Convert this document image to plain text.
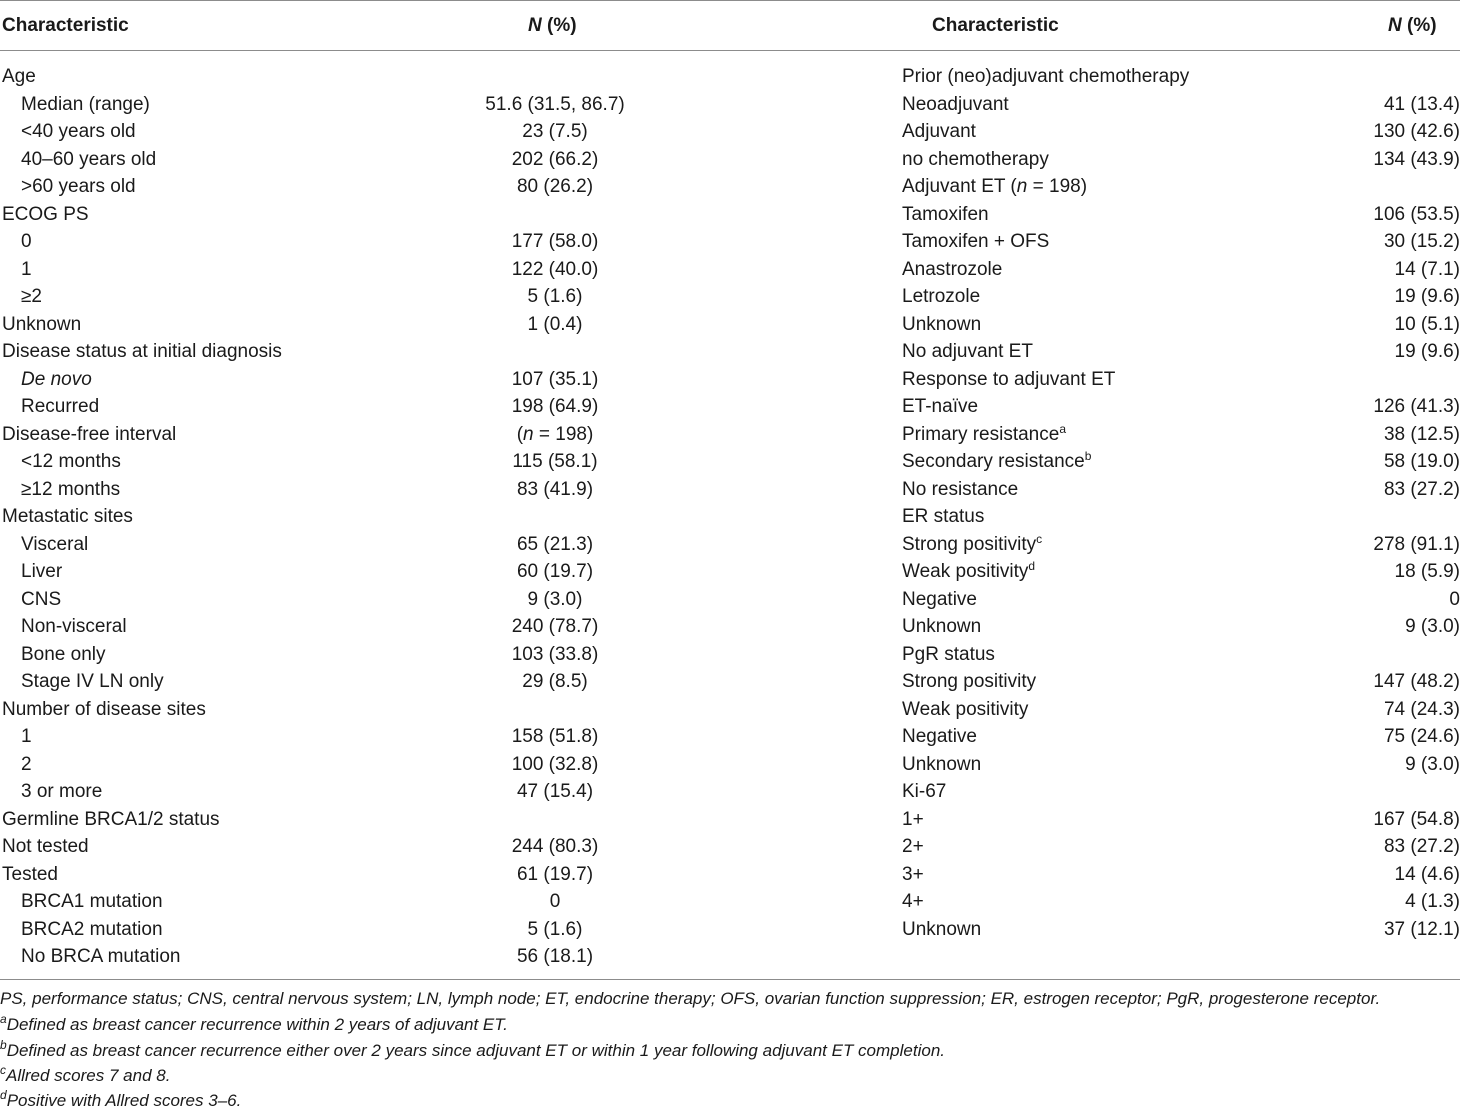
Characteristic	N (%)	Characteristic	N (%)
Age
Median (range)	51.6 (31.5, 86.7)
<40 years old	23 (7.5)
40–60 years old	202 (66.2)
>60 years old	80 (26.2)
ECOG PS
0	177 (58.0)
1	122 (40.0)
≥2	5 (1.6)
Unknown	1 (0.4)
Disease status at initial diagnosis
De novo	107 (35.1)
Recurred	198 (64.9)
Disease-free interval	(n = 198)
<12 months	115 (58.1)
≥12 months	83 (41.9)
Metastatic sites
Visceral	65 (21.3)
Liver	60 (19.7)
CNS	9 (3.0)
Non-visceral	240 (78.7)
Bone only	103 (33.8)
Stage IV LN only	29 (8.5)
Number of disease sites
1	158 (51.8)
2	100 (32.8)
3 or more	47 (15.4)
Germline BRCA1/2 status
Not tested	244 (80.3)
Tested	61 (19.7)
BRCA1 mutation	0
BRCA2 mutation	5 (1.6)
No BRCA mutation	56 (18.1)
Prior (neo)adjuvant chemotherapy
Neoadjuvant	41 (13.4)
Adjuvant	130 (42.6)
no chemotherapy	134 (43.9)
Adjuvant ET (n = 198)
Tamoxifen	106 (53.5)
Tamoxifen + OFS	30 (15.2)
Anastrozole	14 (7.1)
Letrozole	19 (9.6)
Unknown	10 (5.1)
No adjuvant ET	19 (9.6)
Response to adjuvant ET
ET-naïve	126 (41.3)
Primary resistance$^a$	38 (12.5)
Secondary resistance$^b$	58 (19.0)
No resistance	83 (27.2)
ER status
Strong positivity$^c$	278 (91.1)
Weak positivity$^d$	18 (5.9)
Negative	0
Unknown	9 (3.0)
PgR status
Strong positivity	147 (48.2)
Weak positivity	74 (24.3)
Negative	75 (24.6)
Unknown	9 (3.0)
Ki-67
1+	167 (54.8)
2+	83 (27.2)
3+	14 (4.6)
4+	4 (1.3)
Unknown	37 (12.1)
PS, performance status; CNS, central nervous system; LN, lymph node; ET, endocrine therapy; OFS, ovarian function suppression; ER, estrogen receptor; PgR, progesterone receptor.
$^a$Defined as breast cancer recurrence within 2 years of adjuvant ET.
$^b$Defined as breast cancer recurrence either over 2 years since adjuvant ET or within 1 year following adjuvant ET completion.
$^c$Allred scores 7 and 8.
$^d$Positive with Allred scores 3–6.
